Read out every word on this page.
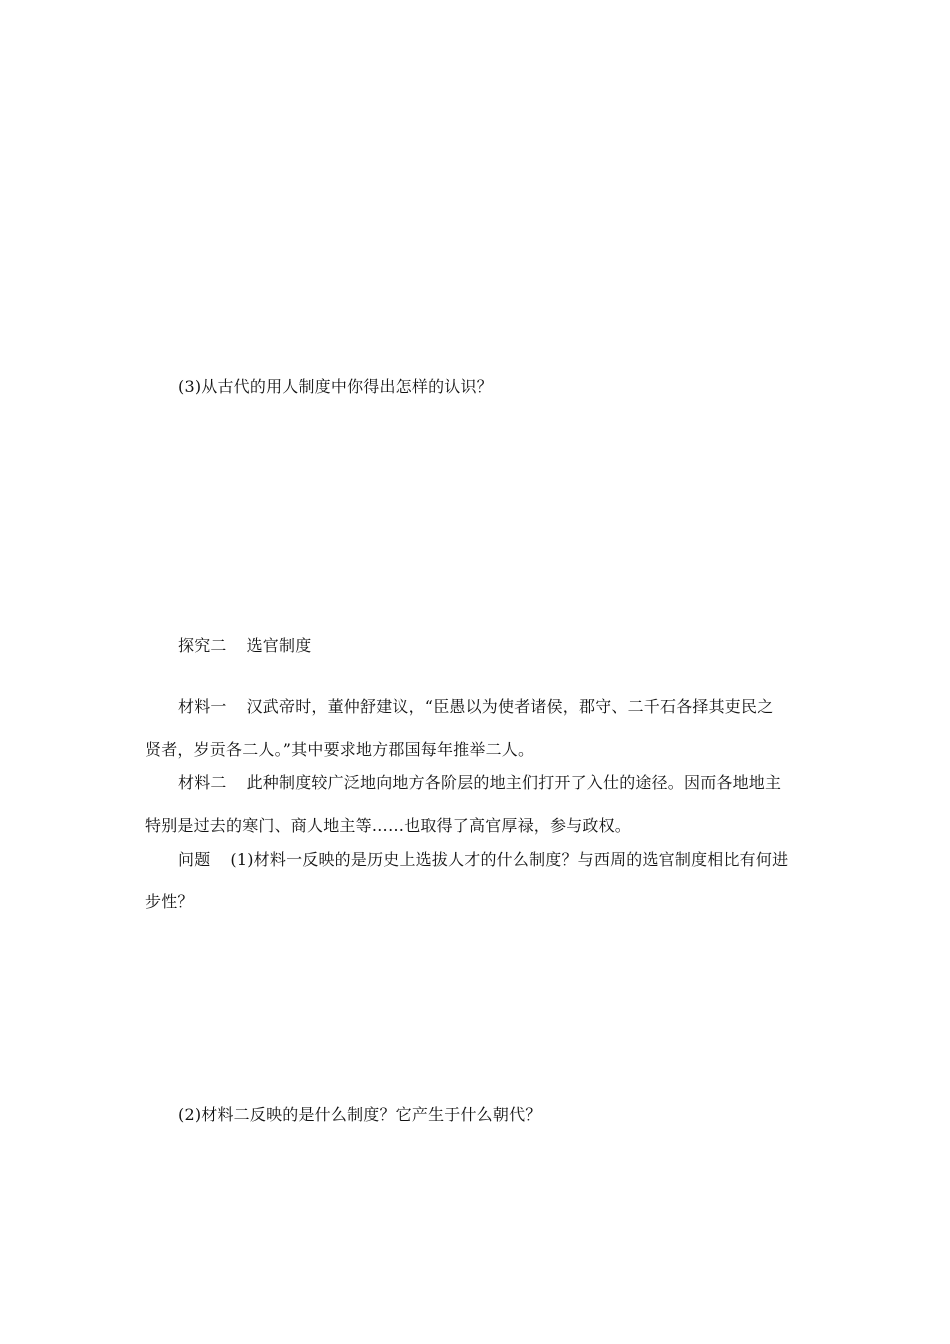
(3)从古代的用人制度中你得出怎样的认识？
探究二 选官制度
材料一 汉武帝时，董仲舒建议，“臣愚以为使者诸侯，郡守、二千石各择其吏民之
贤者，岁贡各二人。”其中要求地方郡国每年推举二人。
材料二 此种制度较广泛地向地方各阶层的地主们打开了入仕的途径。因而各地地主
特别是过去的寒门、商人地主等……也取得了高官厚禄，参与政权。
问题 (1)材料一反映的是历史上选拔人才的什么制度？与西周的选官制度相比有何进
步性？
(2)材料二反映的是什么制度？它产生于什么朝代？
